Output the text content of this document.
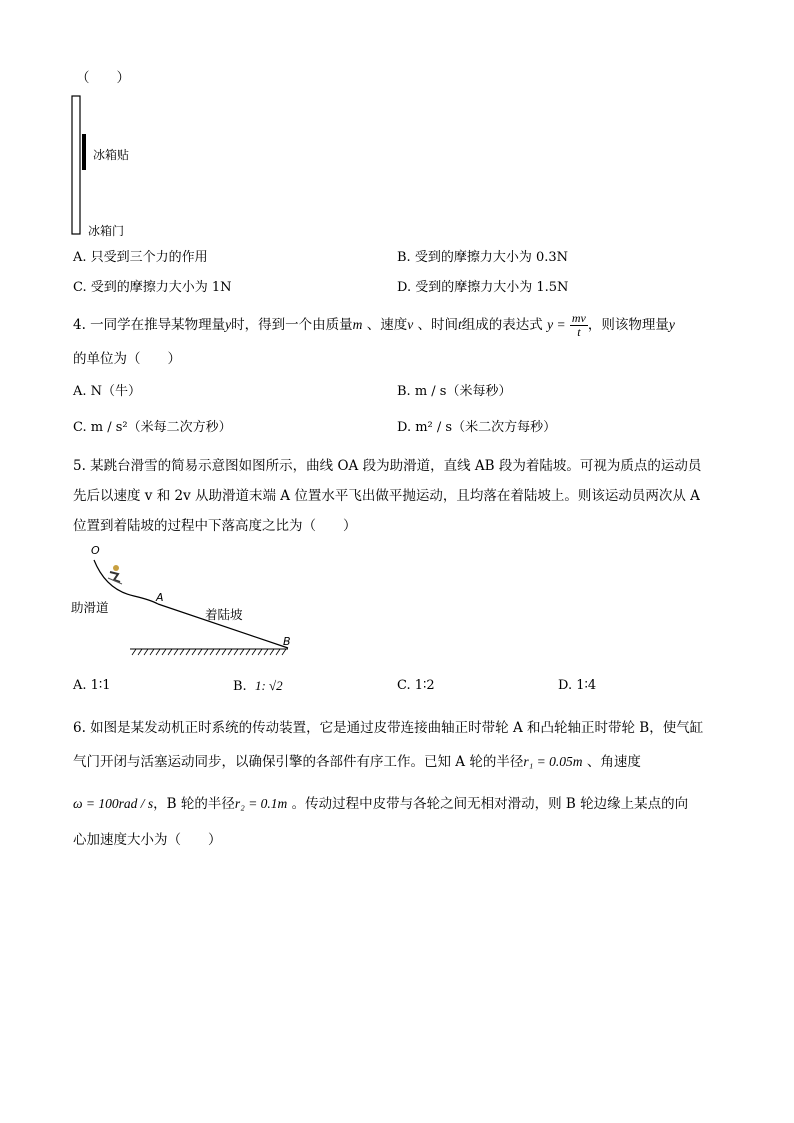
（　　）
冰箱贴
冰箱门
A. 只受到三个力的作用	B. 受到的摩擦力大小为 0.3N
C. 受到的摩擦力大小为 1N	D. 受到的摩擦力大小为 1.5N
4. 一同学在推导某物理量y时，得到一个由质量m 、速度v 、时间t组成的表达式 $y = \frac{mv}{t}$ ，则该物理量y
的单位为（　　）
A. N（牛）	B. m / s（米每秒）
C. m / s²（米每二次方秒）	D. m² / s（米二次方每秒）
5. 某跳台滑雪的简易示意图如图所示，曲线 OA 段为助滑道，直线 AB 段为着陆坡。可视为质点的运动员
先后以速度 v 和 2v 从助滑道末端 A 位置水平飞出做平抛运动，且均落在着陆坡上。则该运动员两次从 A
位置到着陆坡的过程中下落高度之比为（　　）
O
A
B
助滑道	着陆坡
A. 1∶1	B. 1: √2	C. 1∶2	D. 1∶4
6. 如图是某发动机正时系统的传动装置，它是通过皮带连接曲轴正时带轮 A 和凸轮轴正时带轮 B，使气缸
气门开闭与活塞运动同步，以确保引擎的各部件有序工作。已知 A 轮的半径r₁ = 0.05m 、角速度
ω = 100rad / s，B 轮的半径r₂ = 0.1m 。传动过程中皮带与各轮之间无相对滑动，则 B 轮边缘上某点的向
心加速度大小为（　　）
